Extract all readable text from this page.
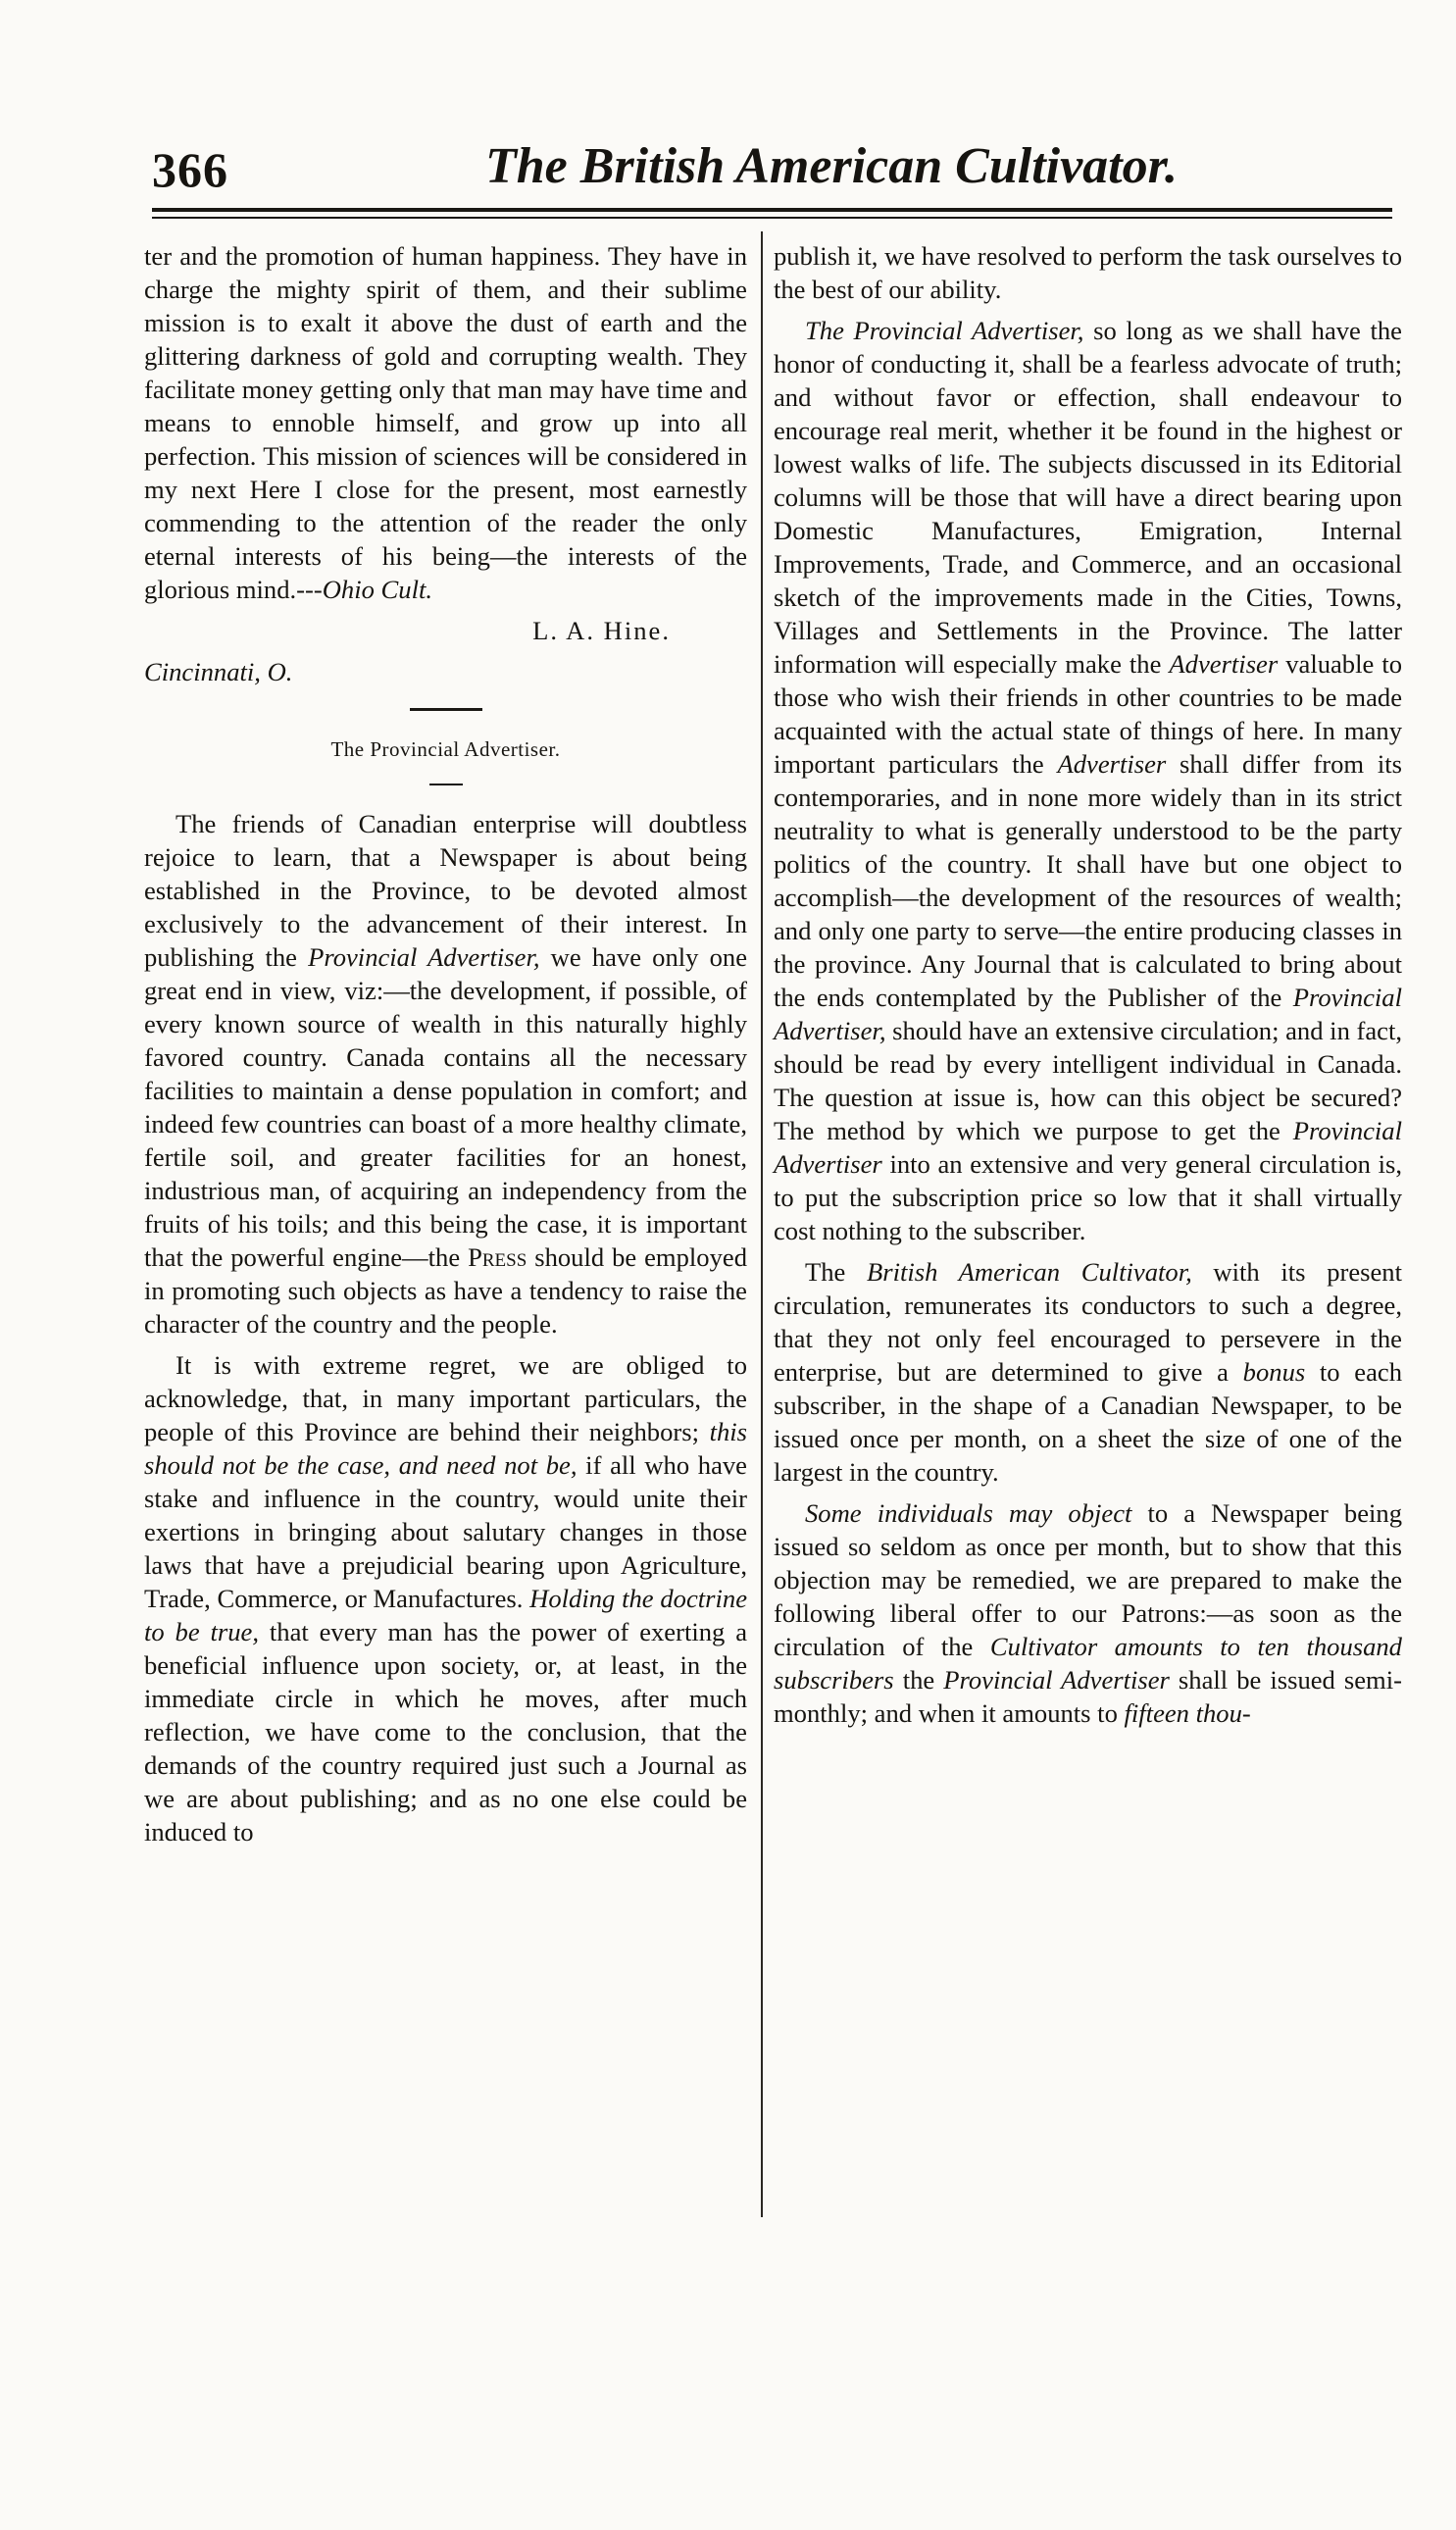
366	The British American Cultivator.

ter and the promotion of human happiness. They have in charge the mighty spirit of them, and their sublime mission is to exalt it above the dust of earth and the glittering darkness of gold and corrupting wealth. They facilitate money getting only that man may have time and means to ennoble himself, and grow up into all perfection. This mission of sciences will be considered in my next Here I close for the present, most earnestly commending to the attention of the reader the only eternal interests of his being—the interests of the glorious mind.---Ohio Cult.

L. A. Hine.

Cincinnati, O.

The Provincial Advertiser.

The friends of Canadian enterprise will doubtless rejoice to learn, that a Newspaper is about being established in the Province, to be devoted almost exclusively to the advancement of their interest. In publishing the Provincial Advertiser, we have only one great end in view, viz:—the development, if possible, of every known source of wealth in this naturally highly favored country. Canada contains all the necessary facilities to maintain a dense population in comfort; and indeed few countries can boast of a more healthy climate, fertile soil, and greater facilities for an honest, industrious man, of acquiring an independency from the fruits of his toils; and this being the case, it is important that the powerful engine—the Press should be employed in promoting such objects as have a tendency to raise the character of the country and the people.

It is with extreme regret, we are obliged to acknowledge, that, in many important particulars, the people of this Province are behind their neighbors; this should not be the case, and need not be, if all who have stake and influence in the country, would unite their exertions in bringing about salutary changes in those laws that have a prejudicial bearing upon Agriculture, Trade, Commerce, or Manufactures. Holding the doctrine to be true, that every man has the power of exerting a beneficial influence upon society, or, at least, in the immediate circle in which he moves, after much reflection, we have come to the conclusion, that the demands of the country required just such a Journal as we are about publishing; and as no one else could be induced to

publish it, we have resolved to perform the task ourselves to the best of our ability.

The Provincial Advertiser, so long as we shall have the honor of conducting it, shall be a fearless advocate of truth; and without favor or effection, shall endeavour to encourage real merit, whether it be found in the highest or lowest walks of life. The subjects discussed in its Editorial columns will be those that will have a direct bearing upon Domestic Manufactures, Emigration, Internal Improvements, Trade, and Commerce, and an occasional sketch of the improvements made in the Cities, Towns, Villages and Settlements in the Province. The latter information will especially make the Advertiser valuable to those who wish their friends in other countries to be made acquainted with the actual state of things of here. In many important particulars the Advertiser shall differ from its contemporaries, and in none more widely than in its strict neutrality to what is generally understood to be the party politics of the country. It shall have but one object to accomplish—the development of the resources of wealth; and only one party to serve—the entire producing classes in the province. Any Journal that is calculated to bring about the ends contemplated by the Publisher of the Provincial Advertiser, should have an extensive circulation; and in fact, should be read by every intelligent individual in Canada. The question at issue is, how can this object be secured? The method by which we purpose to get the Provincial Advertiser into an extensive and very general circulation is, to put the subscription price so low that it shall virtually cost nothing to the subscriber.

The British American Cultivator, with its present circulation, remunerates its conductors to such a degree, that they not only feel encouraged to persevere in the enterprise, but are determined to give a bonus to each subscriber, in the shape of a Canadian Newspaper, to be issued once per month, on a sheet the size of one of the largest in the country.

Some individuals may object to a Newspaper being issued so seldom as once per month, but to show that this objection may be remedied, we are prepared to make the following liberal offer to our Patrons:—as soon as the circulation of the Cultivator amounts to ten thousand subscribers the Provincial Advertiser shall be issued semi-monthly; and when it amounts to fifteen thou-
